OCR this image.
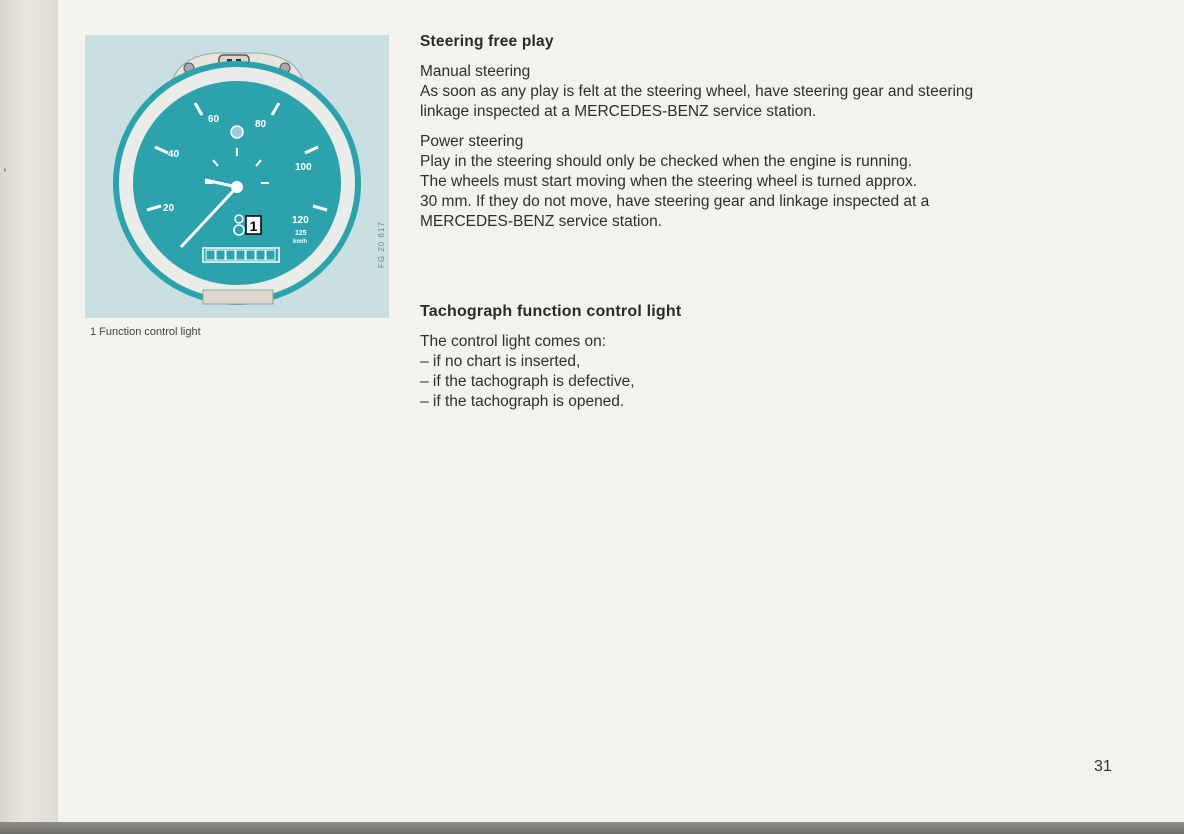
,
1
20
40
60	80
100
120
125
km/h	FG 20 617
1 Function control light
Steering free play
Manual steering
As soon as any play is felt at the steering wheel, have steering gear and steering
linkage inspected at a MERCEDES-BENZ service station.
Power steering
Play in the steering should only be checked when the engine is running.
The wheels must start moving when the steering wheel is turned approx.
30 mm. If they do not move, have steering gear and linkage inspected at a
MERCEDES-BENZ service station.
Tachograph function control light
The control light comes on:
– if no chart is inserted,
– if the tachograph is defective,
– if the tachograph is opened.
31
